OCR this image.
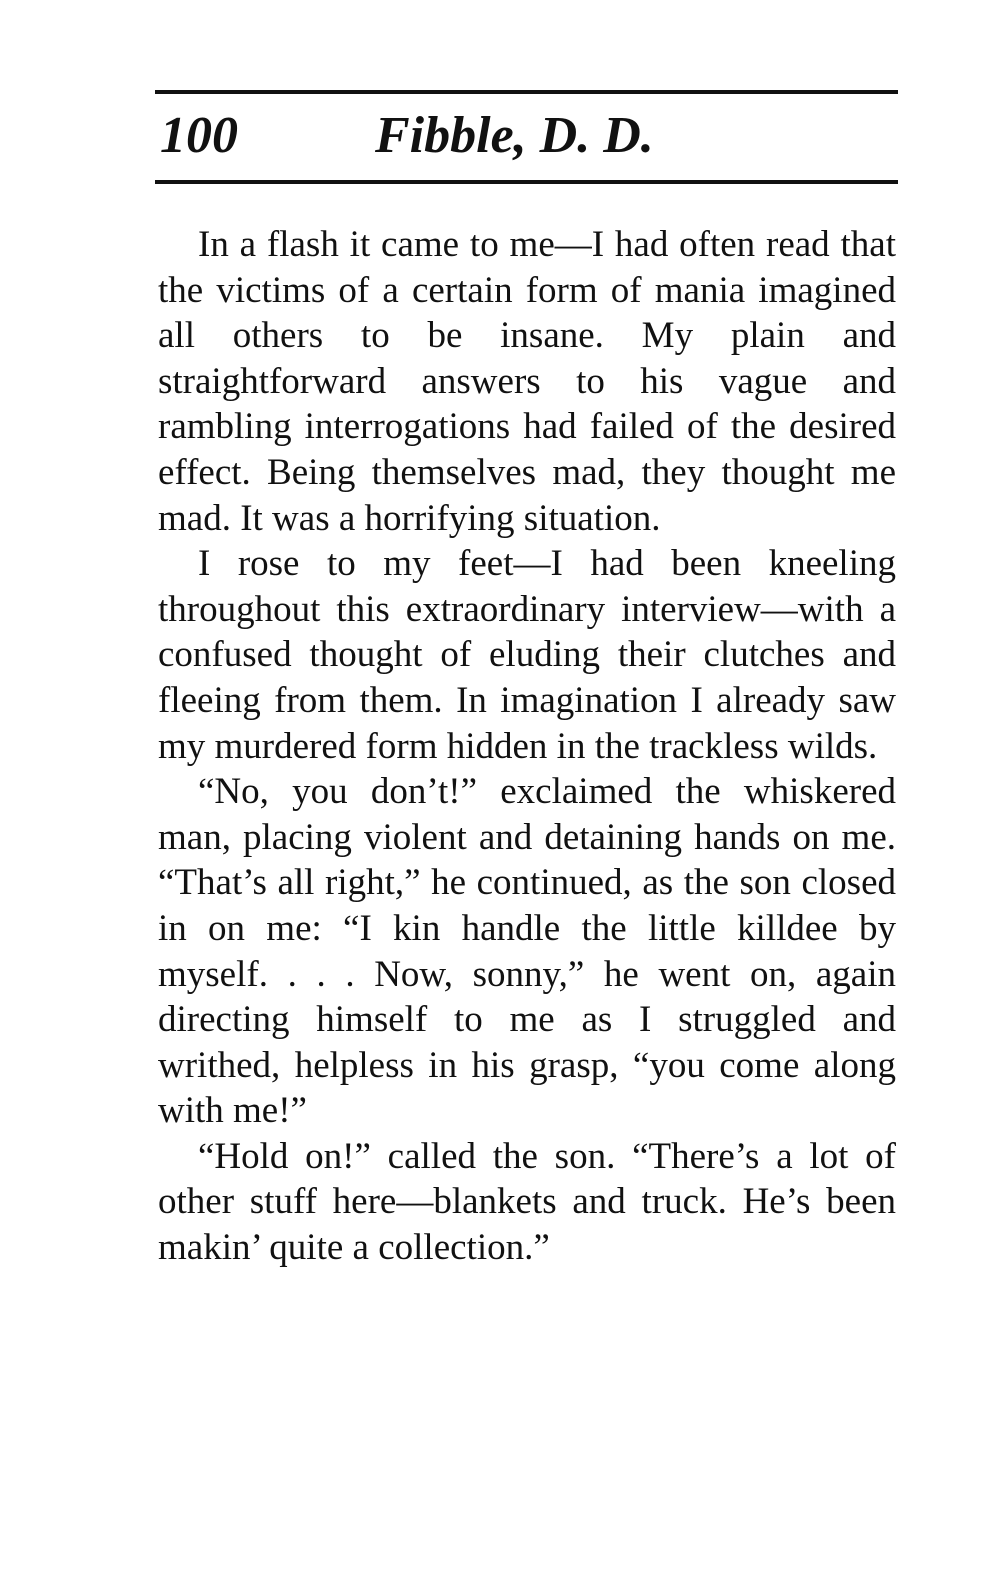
100	Fibble, D. D.

In a flash it came to me—I had often read that the victims of a certain form of mania imagined all others to be insane. My plain and straightforward answers to his vague and rambling interrogations had failed of the desired effect. Being themselves mad, they thought me mad. It was a horrifying situation.

I rose to my feet—I had been kneeling throughout this extraordinary interview—with a confused thought of eluding their clutches and fleeing from them. In imagination I already saw my murdered form hidden in the trackless wilds.

“No, you don’t!” exclaimed the whiskered man, placing violent and detaining hands on me. “That’s all right,” he continued, as the son closed in on me: “I kin handle the little killdee by myself. . . . Now, sonny,” he went on, again directing himself to me as I struggled and writhed, helpless in his grasp, “you come along with me!”

“Hold on!” called the son. “There’s a lot of other stuff here—blankets and truck. He’s been makin’ quite a collection.”
